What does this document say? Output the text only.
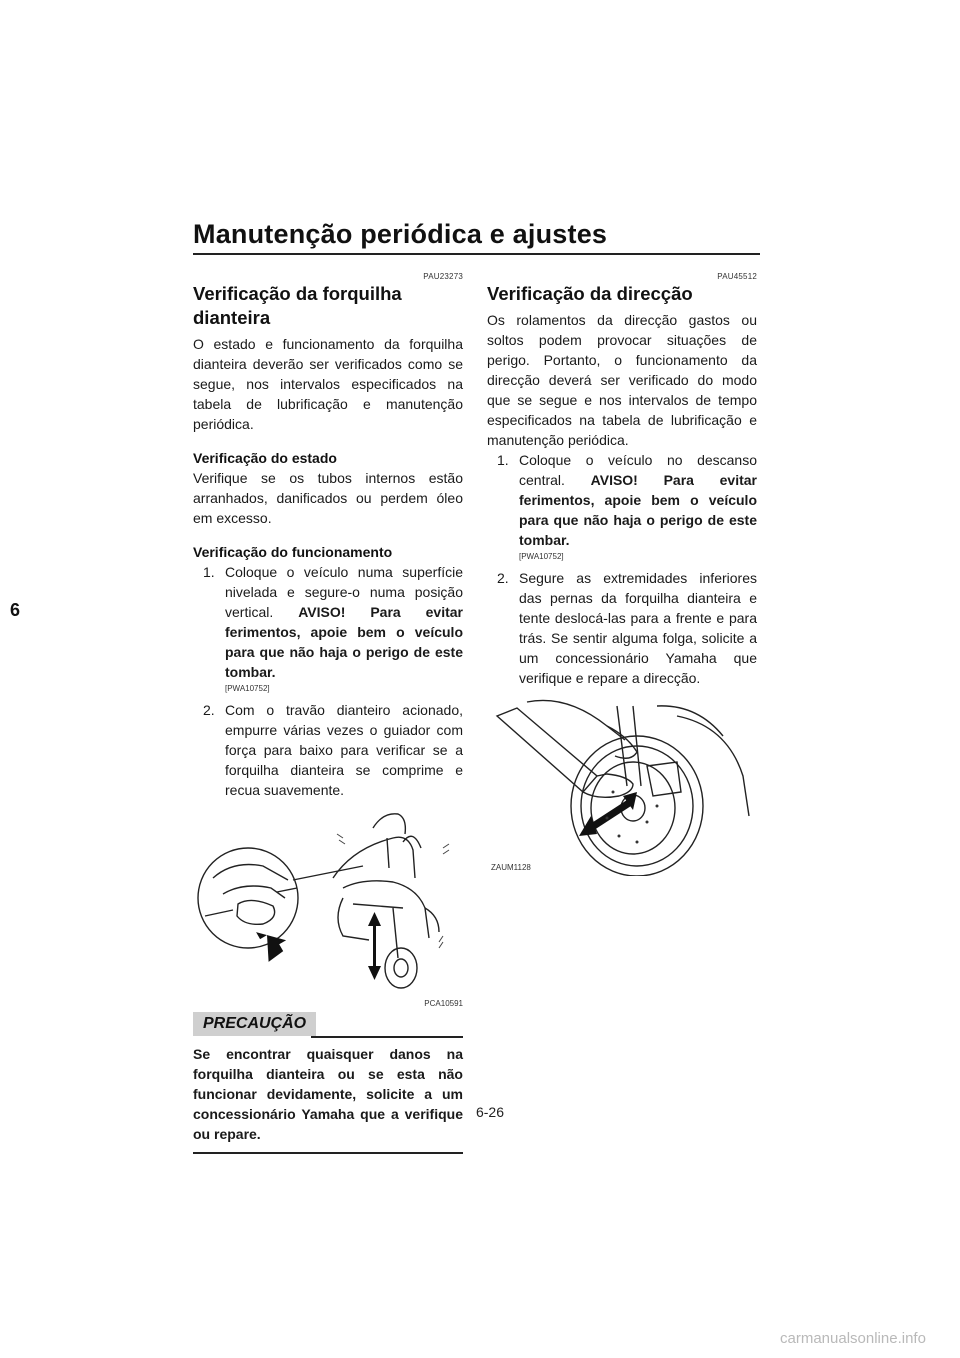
Manutenção periódica e ajustes
6
PAU23273
Verificação da forquilha dianteira

O estado e funcionamento da forquilha dianteira deverão ser verificados como se segue, nos intervalos especificados na tabela de lubrificação e manutenção periódica.

Verificação do estado

Verifique se os tubos internos estão arranhados, danificados ou perdem óleo em excesso.

Verificação do funcionamento
1. Coloque o veículo numa superfície nivelada e segure-o numa posição vertical. AVISO! Para evitar ferimentos, apoie bem o veículo para que não haja o perigo de este tombar.
[PWA10752]
2. Com o travão dianteiro acionado, empurre várias vezes o guiador com força para baixo para verificar se a forquilha dianteira se comprime e recua suavemente.
PCA10591
PRECAUÇÃO
Se encontrar quaisquer danos na forquilha dianteira ou se esta não funcionar devidamente, solicite a um concessionário Yamaha que a verifique ou repare.
PAU45512
Verificação da direcção

Os rolamentos da direcção gastos ou soltos podem provocar situações de perigo. Portanto, o funcionamento da direcção deverá ser verificado do modo que se segue e nos intervalos de tempo especificados na tabela de lubrificação e manutenção periódica.

1. Coloque o veículo no descanso central. AVISO! Para evitar ferimentos, apoie bem o veículo para que não haja o perigo de este tombar.
[PWA10752]
2. Segure as extremidades inferiores das pernas da forquilha dianteira e tente deslocá-las para a frente e para trás. Se sentir alguma folga, solicite a um concessionário Yamaha que verifique e repare a direcção.
ZAUM1128
6-26
carmanualsonline.info
